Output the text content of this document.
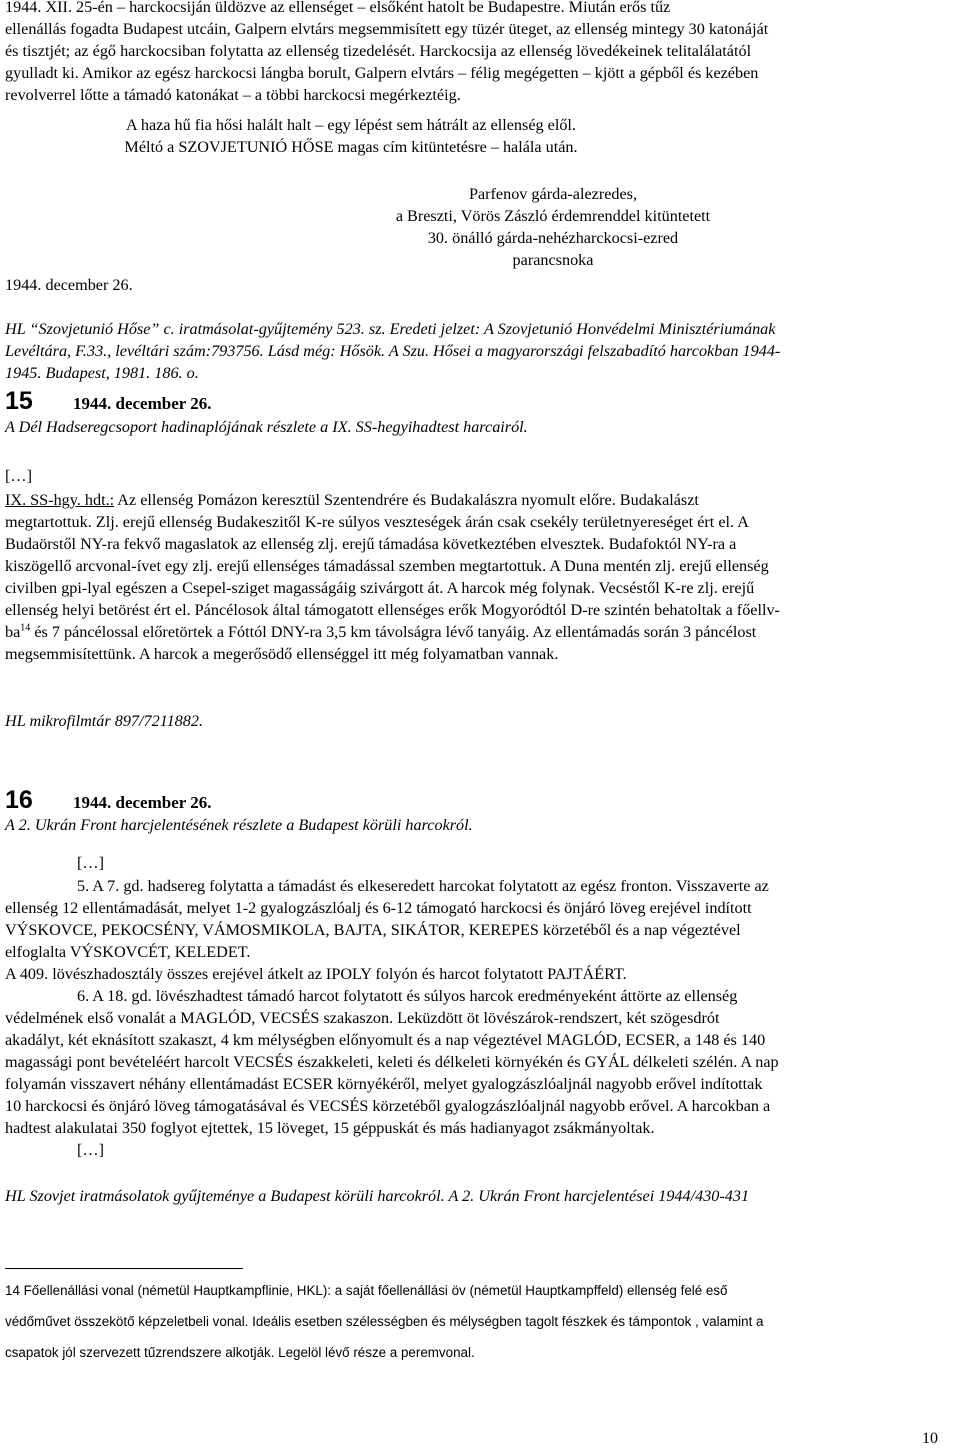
1944. XII. 25-én – harckocsiján üldözve az ellenséget – elsőként hatolt be Budapestre. Miután erős tűz
ellenállás fogadta Budapest utcáin, Galpern elvtárs megsemmisített egy tüzér üteget, az ellenség mintegy 30 katonáját
és tisztjét; az égő harckocsiban folytatta az ellenség tizedelését. Harckocsija az ellenség lövedékeinek telitalálatától
gyulladt ki. Amikor az egész harckocsi lángba borult, Galpern elvtárs – félig megégetten – kjött a gépből és kezében
revolverrel lőtte a támadó katonákat – a többi harckocsi megérkeztéig.
A haza hű fia hősi halált halt – egy lépést sem hátrált az ellenség elől.
Méltó a SZOVJETUNIÓ HŐSE magas cím kitüntetésre – halála után.
Parfenov gárda-alezredes,
a Breszti, Vörös Zászló érdemrenddel kitüntetett
30. önálló gárda-nehézharckocsi-ezred
parancsnoka
1944. december 26.
HL “Szovjetunió Hőse” c. iratmásolat-gyűjtemény 523. sz. Eredeti jelzet: A Szovjetunió Honvédelmi Minisztériumának
Levéltára, F.33., levéltári szám:793756. Lásd még: Hősök. A Szu. Hősei a magyarországi felszabadító harcokban 1944-
1945. Budapest, 1981. 186. o.
15 1944. december 26.
A Dél Hadseregcsoport hadinaplójának részlete a IX. SS-hegyihadtest harcairól.
[…]
IX. SS-hgy. hdt.: Az ellenség Pomázon keresztül Szentendrére és Budakalászra nyomult előre. Budakalászt
megtartottuk. Zlj. erejű ellenség Budakeszitől K-re súlyos veszteségek árán csak csekély területnyereséget ért el. A
Budaörstől NY-ra fekvő magaslatok az ellenség zlj. erejű támadása következtében elvesztek. Budafoktól NY-ra a
kiszögellő arcvonal-ívet egy zlj. erejű ellenséges támadással szemben megtartottuk. A Duna mentén zlj. erejű ellenség
civilben gpi-lyal egészen a Csepel-sziget magasságáig szivárgott át. A harcok még folynak. Vecséstől K-re zlj. erejű
ellenség helyi betörést ért el. Páncélosok által támogatott ellenséges erők Mogyoródtól D-re szintén behatoltak a főellv-
$ba^{14}$ és 7 páncélossal előretörtek a Fóttól DNY-ra 3,5 km távolságra lévő tanyáig. Az ellentámadás során 3 páncélost
megsemmisítettünk. A harcok a megerősödő ellenséggel itt még folyamatban vannak.
HL mikrofilmtár 897/7211882.
16 1944. december 26.
A 2. Ukrán Front harcjelentésének részlete a Budapest körüli harcokról.
[…]
5. A 7. gd. hadsereg folytatta a támadást és elkeseredett harcokat folytatott az egész fronton. Visszaverte az
ellenség 12 ellentámadását, melyet 1-2 gyalogzászlóalj és 6-12 támogató harckocsi és önjáró löveg erejével indított
VÝSKOVCE, PEKOCSÉNY, VÁMOSMIKOLA, BAJTA, SIKÁTOR, KEREPES körzetéből és a nap végeztével
elfoglalta VÝSKOVCÉT, KELEDET.
A 409. lövészhadosztály összes erejével átkelt az IPOLY folyón és harcot folytatott PAJTÁÉRT.
6. A 18. gd. lövészhadtest támadó harcot folytatott és súlyos harcok eredményeként áttörte az ellenség
védelmének első vonalát a MAGLÓD, VECSÉS szakaszon. Leküzdött öt lövészárok-rendszert, két szögesdrót
akadályt, két eknásított szakaszt, 4 km mélységben előnyomult és a nap végeztével MAGLÓD, ECSER, a 148 és 140
magassági pont bevételéért harcolt VECSÉS északkeleti, keleti és délkeleti környékén és GYÁL délkeleti szélén. A nap
folyamán visszavert néhány ellentámadást ECSER környékéről, melyet gyalogzászlóaljnál nagyobb erővel indítottak
10 harckocsi és önjáró löveg támogatásával és VECSÉS körzetéből gyalogzászlóaljnál nagyobb erővel. A harcokban a
hadtest alakulatai 350 foglyot ejtettek, 15 löveget, 15 géppuskát és más hadianyagot zsákmányoltak.
[…]
HL Szovjet iratmásolatok gyűjteménye a Budapest körüli harcokról. A 2. Ukrán Front harcjelentései 1944/430-431
14 Főellenállási vonal (németül Hauptkampflinie, HKL): a saját főellenállási öv (németül Hauptkampffeld) ellenség felé eső
védőművet összekötő képzeletbeli vonal. Ideális esetben szélességben és mélységben tagolt fészkek és támpontok , valamint a
csapatok jól szervezett tűzrendszere alkotják. Legelöl lévő része a peremvonal.
10
